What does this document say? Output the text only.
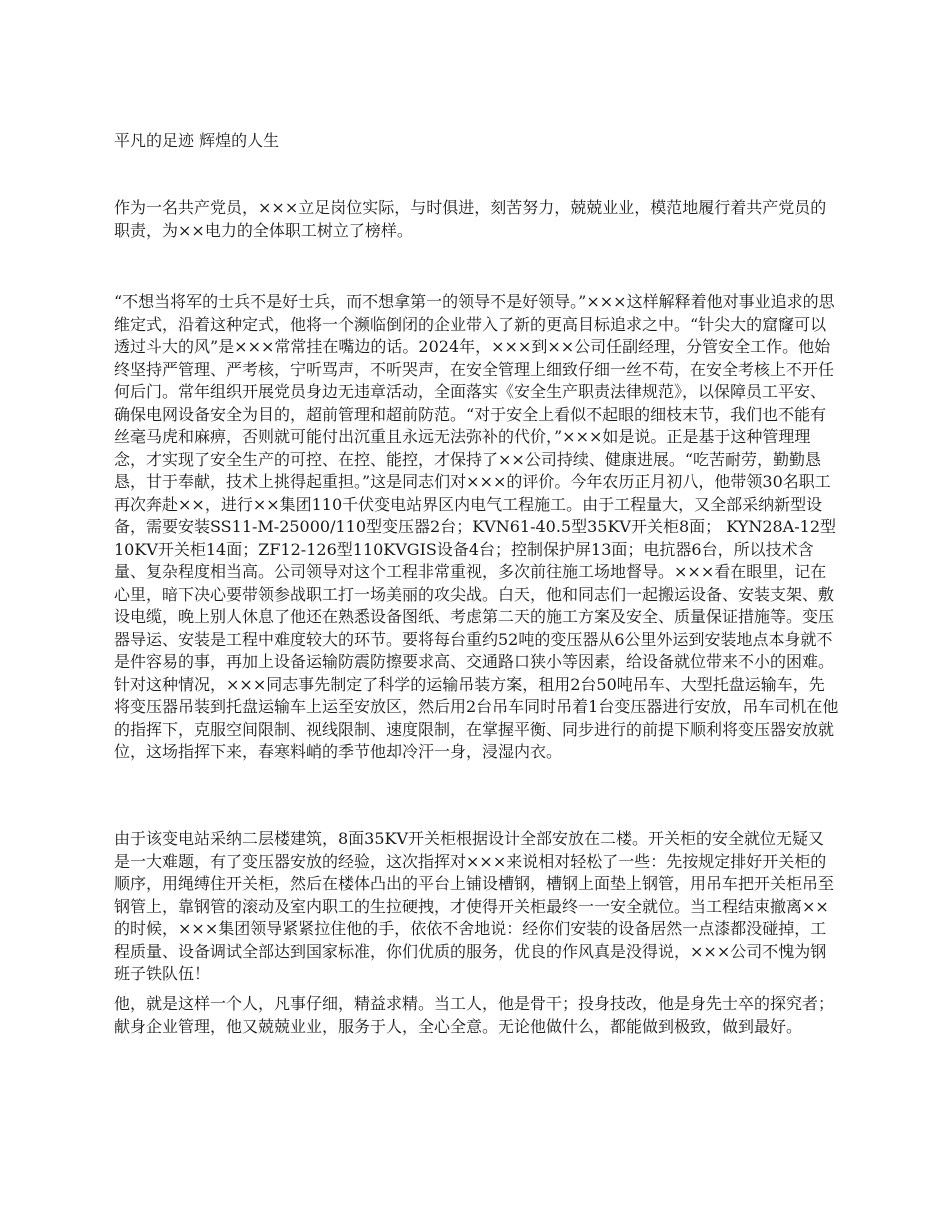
平凡的足迹 辉煌的人生

作为一名共产党员，×××立足岗位实际，与时俱进，刻苦努力，兢兢业业，模范地履行着共产党员的职责，为××电力的全体职工树立了榜样。

“不想当将军的士兵不是好士兵，而不想拿第一的领导不是好领导。”×××这样解释着他对事业追求的思维定式，沿着这种定式，他将一个濒临倒闭的企业带入了新的更高目标追求之中。“针尖大的窟窿可以透过斗大的风”是×××常常挂在嘴边的话。2024年，×××到××公司任副经理，分管安全工作。他始终坚持严管理、严考核，宁听骂声，不听哭声，在安全管理上细致仔细一丝不苟，在安全考核上不开任何后门。常年组织开展党员身边无违章活动，全面落实《安全生产职责法律规范》，以保障员工平安、确保电网设备安全为目的，超前管理和超前防范。“对于安全上看似不起眼的细枝末节，我们也不能有丝毫马虎和麻痹，否则就可能付出沉重且永远无法弥补的代价，”×××如是说。正是基于这种管理理念，才实现了安全生产的可控、在控、能控，才保持了××公司持续、健康进展。“吃苦耐劳，勤勤恳恳，甘于奉献，技术上挑得起重担。”这是同志们对×××的评价。今年农历正月初八，他带领30名职工再次奔赴××，进行××集团110千伏变电站界区内电气工程施工。由于工程量大，又全部采纳新型设备，需要安装SS11-M-25000/110型变压器2台；KVN61-40.5型35KV开关柜8面； KYN28A-12型10KV开关柜14面；ZF12-126型110KVGIS设备4台；控制保护屏13面；电抗器6台，所以技术含量、复杂程度相当高。公司领导对这个工程非常重视，多次前往施工场地督导。×××看在眼里，记在心里，暗下决心要带领参战职工打一场美丽的攻尖战。白天，他和同志们一起搬运设备、安装支架、敷设电缆，晚上别人休息了他还在熟悉设备图纸、考虑第二天的施工方案及安全、质量保证措施等。变压器导运、安装是工程中难度较大的环节。要将每台重约52吨的变压器从6公里外运到安装地点本身就不是件容易的事，再加上设备运输防震防擦要求高、交通路口狭小等因素，给设备就位带来不小的困难。针对这种情况，×××同志事先制定了科学的运输吊装方案，租用2台50吨吊车、大型托盘运输车，先将变压器吊装到托盘运输车上运至安放区，然后用2台吊车同时吊着1台变压器进行安放，吊车司机在他的指挥下，克服空间限制、视线限制、速度限制，在掌握平衡、同步进行的前提下顺利将变压器安放就位，这场指挥下来，春寒料峭的季节他却冷汗一身，浸湿内衣。

由于该变电站采纳二层楼建筑，8面35KV开关柜根据设计全部安放在二楼。开关柜的安全就位无疑又是一大难题，有了变压器安放的经验，这次指挥对×××来说相对轻松了一些：先按规定排好开关柜的顺序，用绳缚住开关柜，然后在楼体凸出的平台上铺设槽钢，槽钢上面垫上钢管，用吊车把开关柜吊至钢管上，靠钢管的滚动及室内职工的生拉硬拽，才使得开关柜最终一一安全就位。当工程结束撤离××的时候，×××集团领导紧紧拉住他的手，依依不舍地说：经你们安装的设备居然一点漆都没碰掉，工程质量、设备调试全部达到国家标准，你们优质的服务，优良的作风真是没得说，×××公司不愧为钢班子铁队伍！

他，就是这样一个人，凡事仔细，精益求精。当工人，他是骨干；投身技改，他是身先士卒的探究者；献身企业管理，他又兢兢业业，服务于人，全心全意。无论他做什么，都能做到极致，做到最好。
